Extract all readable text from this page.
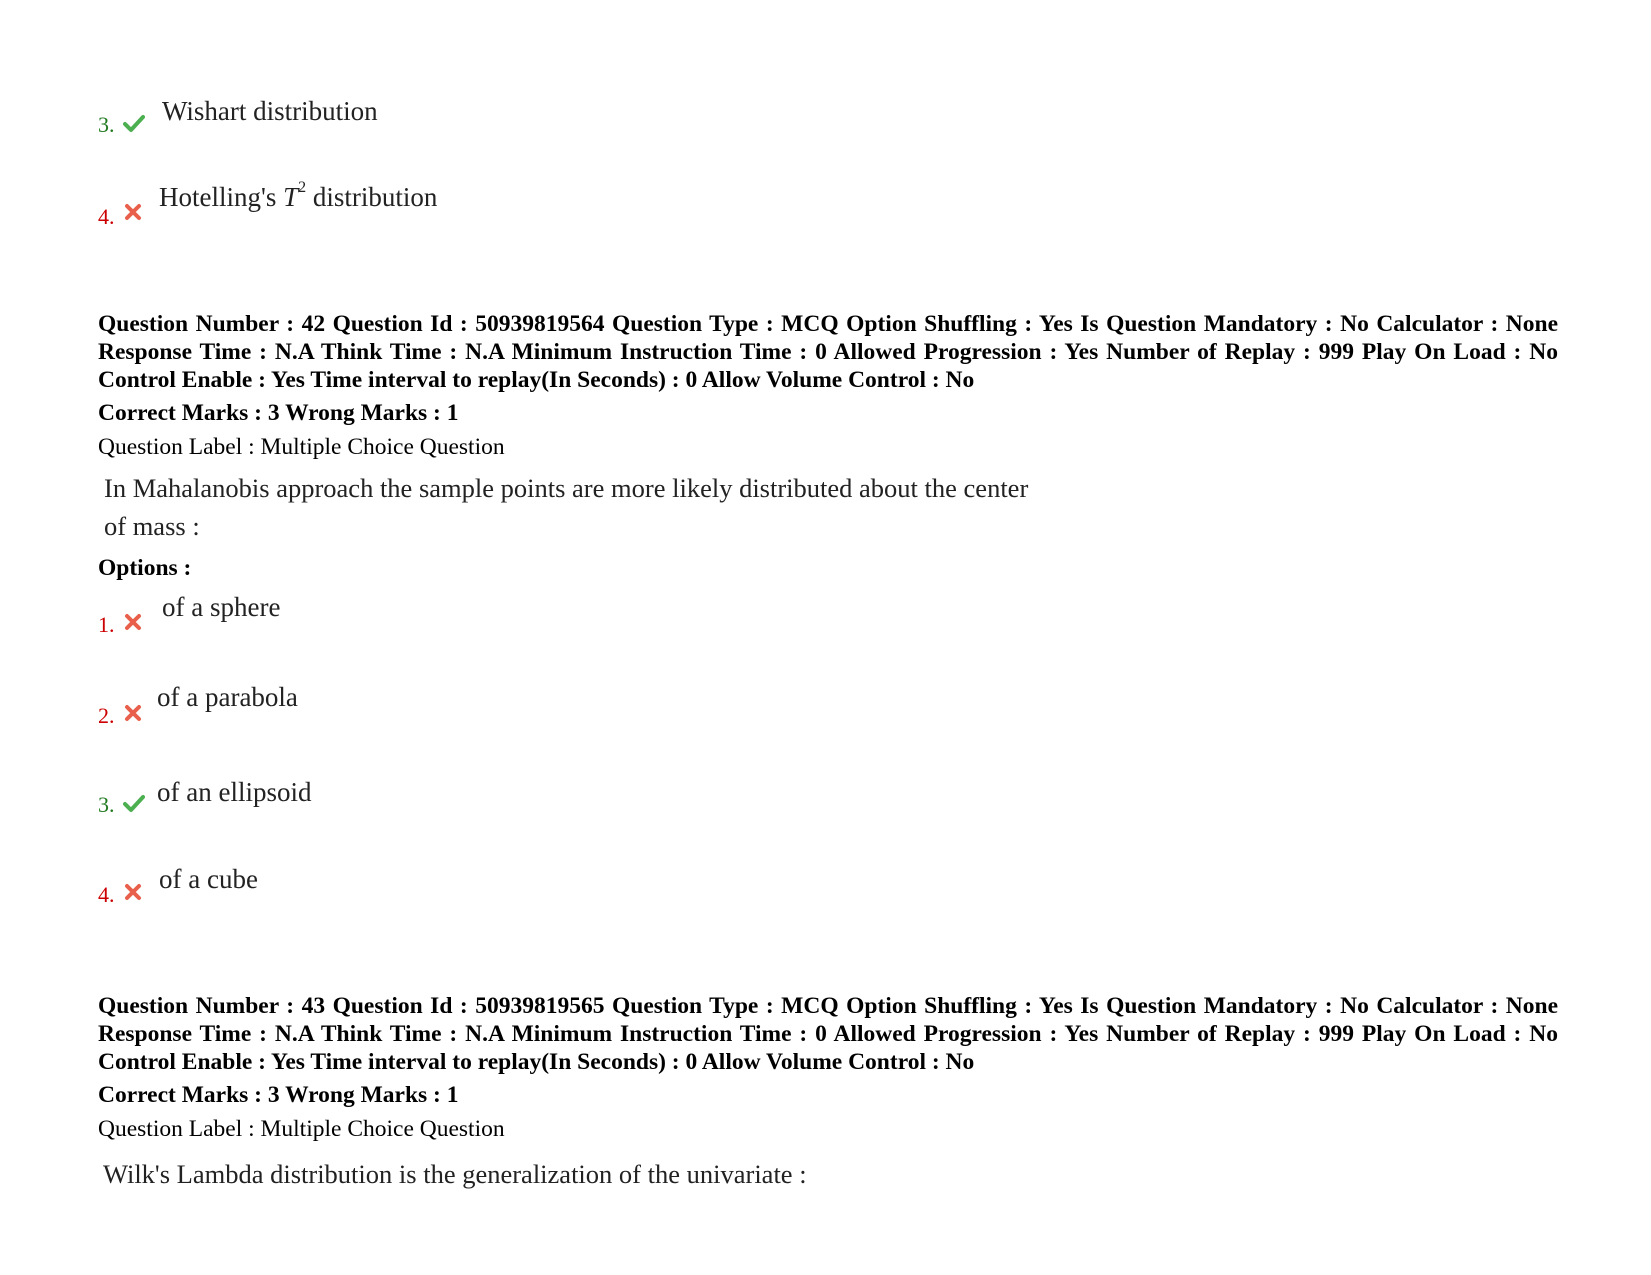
3. Wishart distribution
4.
Hotelling's $T^2$ distribution
Question Number : 42 Question Id : 50939819564 Question Type : MCQ Option Shuffling : Yes Is Question Mandatory : No Calculator : None Response Time : N.A Think Time : N.A Minimum Instruction Time : 0 Allowed Progression : Yes Number of Replay : 999 Play On Load : No Control Enable : Yes Time interval to replay(In Seconds) : 0 Allow Volume Control : No
Correct Marks : 3 Wrong Marks : 1
Question Label : Multiple Choice Question
In Mahalanobis approach the sample points are more likely distributed about the center
of mass :
Options :
1.
of a sphere
2.
of a parabola
3. of an ellipsoid
4.
of a cube
Question Number : 43 Question Id : 50939819565 Question Type : MCQ Option Shuffling : Yes Is Question Mandatory : No Calculator : None Response Time : N.A Think Time : N.A Minimum Instruction Time : 0 Allowed Progression : Yes Number of Replay : 999 Play On Load : No Control Enable : Yes Time interval to replay(In Seconds) : 0 Allow Volume Control : No
Correct Marks : 3 Wrong Marks : 1
Question Label : Multiple Choice Question
Wilk's Lambda distribution is the generalization of the univariate :
